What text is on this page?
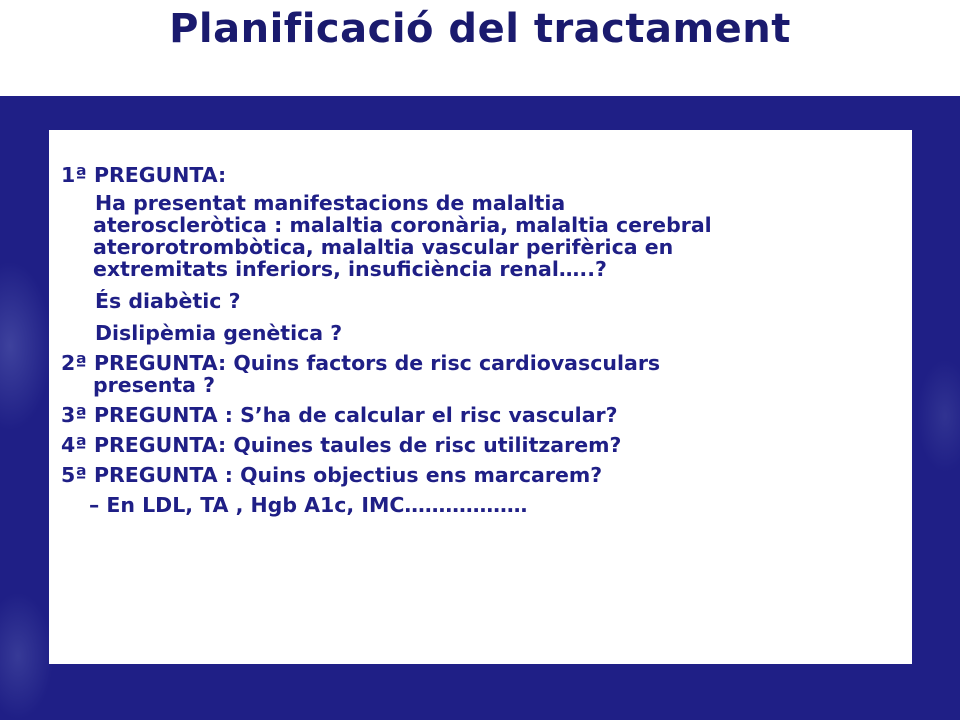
Planificació del tractament
1ª PREGUNTA:
Ha presentat manifestacions de malaltia
ateroscleròtica : malaltia coronària, malaltia cerebral
aterorotrombòtica, malaltia vascular perifèrica en
extremitats inferiors, insuficiència renal…..?
És diabètic ?
Dislipèmia genètica ?
2ª PREGUNTA: Quins factors de risc cardiovasculars
presenta ?
3ª PREGUNTA : S’ha de calcular el risc vascular?
4ª PREGUNTA: Quines taules de risc utilitzarem?
5ª PREGUNTA : Quins objectius ens marcarem?
– En LDL, TA , Hgb A1c, IMC………………
